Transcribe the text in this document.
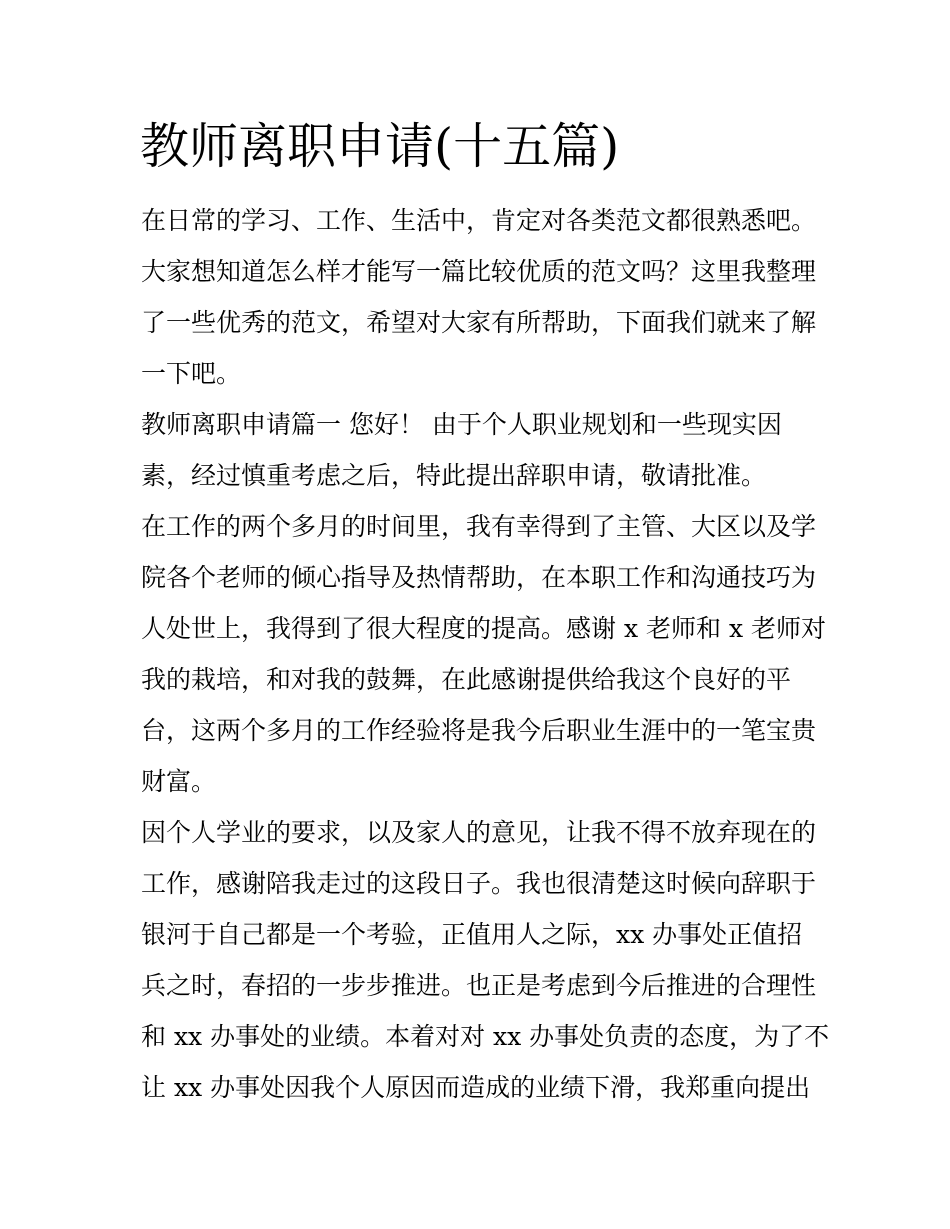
教师离职申请(十五篇)

在日常的学习、工作、生活中，肯定对各类范文都很熟悉吧。

大家想知道怎么样才能写一篇比较优质的范文吗？这里我整理

了一些优秀的范文，希望对大家有所帮助，下面我们就来了解

一下吧。

教师离职申请篇一 您好！ 由于个人职业规划和一些现实因

素，经过慎重考虑之后，特此提出辞职申请，敬请批准。

在工作的两个多月的时间里，我有幸得到了主管、大区以及学

院各个老师的倾心指导及热情帮助，在本职工作和沟通技巧为

人处世上，我得到了很大程度的提高。感谢 x 老师和 x 老师对

我的栽培，和对我的鼓舞，在此感谢提供给我这个良好的平

台，这两个多月的工作经验将是我今后职业生涯中的一笔宝贵

财富。

因个人学业的要求，以及家人的意见，让我不得不放弃现在的

工作，感谢陪我走过的这段日子。我也很清楚这时候向辞职于

银河于自己都是一个考验，正值用人之际，xx 办事处正值招

兵之时，春招的一步步推进。也正是考虑到今后推进的合理性

和 xx 办事处的业绩。本着对对 xx 办事处负责的态度，为了不

让 xx 办事处因我个人原因而造成的业绩下滑，我郑重向提出
